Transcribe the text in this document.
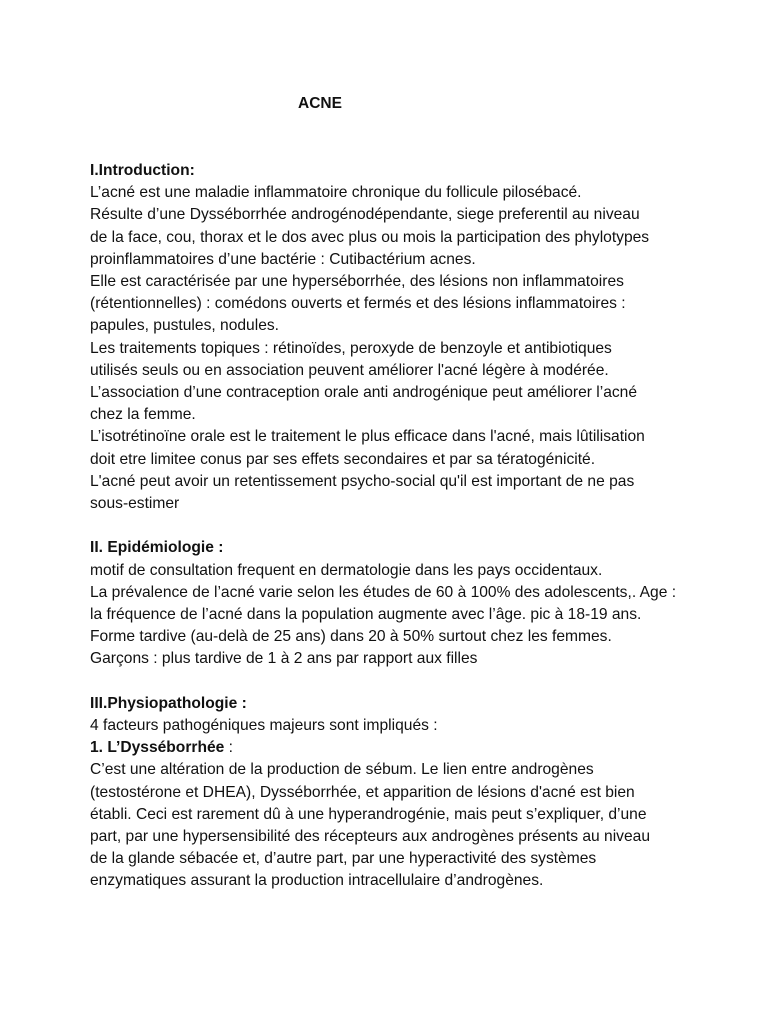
ACNE

I.Introduction:

L’acné est une maladie inflammatoire chronique du follicule pilosébacé.

Résulte d’une Dysséborrhée androgénodépendante, siege preferentil au niveau

de la face, cou, thorax et le dos avec plus ou mois la participation des phylotypes

proinflammatoires d’une bactérie : Cutibactérium acnes.

Elle est caractérisée par une hyperséborrhée, des lésions non inflammatoires

(rétentionnelles) : comédons ouverts et fermés et des lésions inflammatoires :

papules, pustules, nodules.

Les traitements topiques : rétinoïdes, peroxyde de benzoyle et antibiotiques

utilisés seuls ou en association peuvent améliorer l'acné légère à modérée.

L’association d’une contraception orale anti androgénique peut améliorer l’acné

chez la femme.

L’isotrétinoïne orale est le traitement le plus efficace dans l'acné, mais lûtilisation

doit etre limitee conus par ses effets secondaires et par sa tératogénicité.

L'acné peut avoir un retentissement psycho-social qu'il est important de ne pas

sous-estimer

II. Epidémiologie :

motif de consultation frequent en dermatologie dans les pays occidentaux.

La prévalence de l’acné varie selon les études de 60 à 100% des adolescents,. Age :

la fréquence de l’acné dans la population augmente avec l’âge. pic à 18-19 ans.

Forme tardive (au-delà de 25 ans) dans 20 à 50% surtout chez les femmes.

Garçons : plus tardive de 1 à 2 ans par rapport aux filles

III.Physiopathologie :

4 facteurs pathogéniques majeurs sont impliqués :

1. L’Dysséborrhée :

C’est une altération de la production de sébum. Le lien entre androgènes

(testostérone et DHEA), Dysséborrhée, et apparition de lésions d'acné est bien

établi. Ceci est rarement dû à une hyperandrogénie, mais peut s’expliquer, d’une

part, par une hypersensibilité des récepteurs aux androgènes présents au niveau

de la glande sébacée et, d’autre part, par une hyperactivité des systèmes

enzymatiques assurant la production intracellulaire d’androgènes.
